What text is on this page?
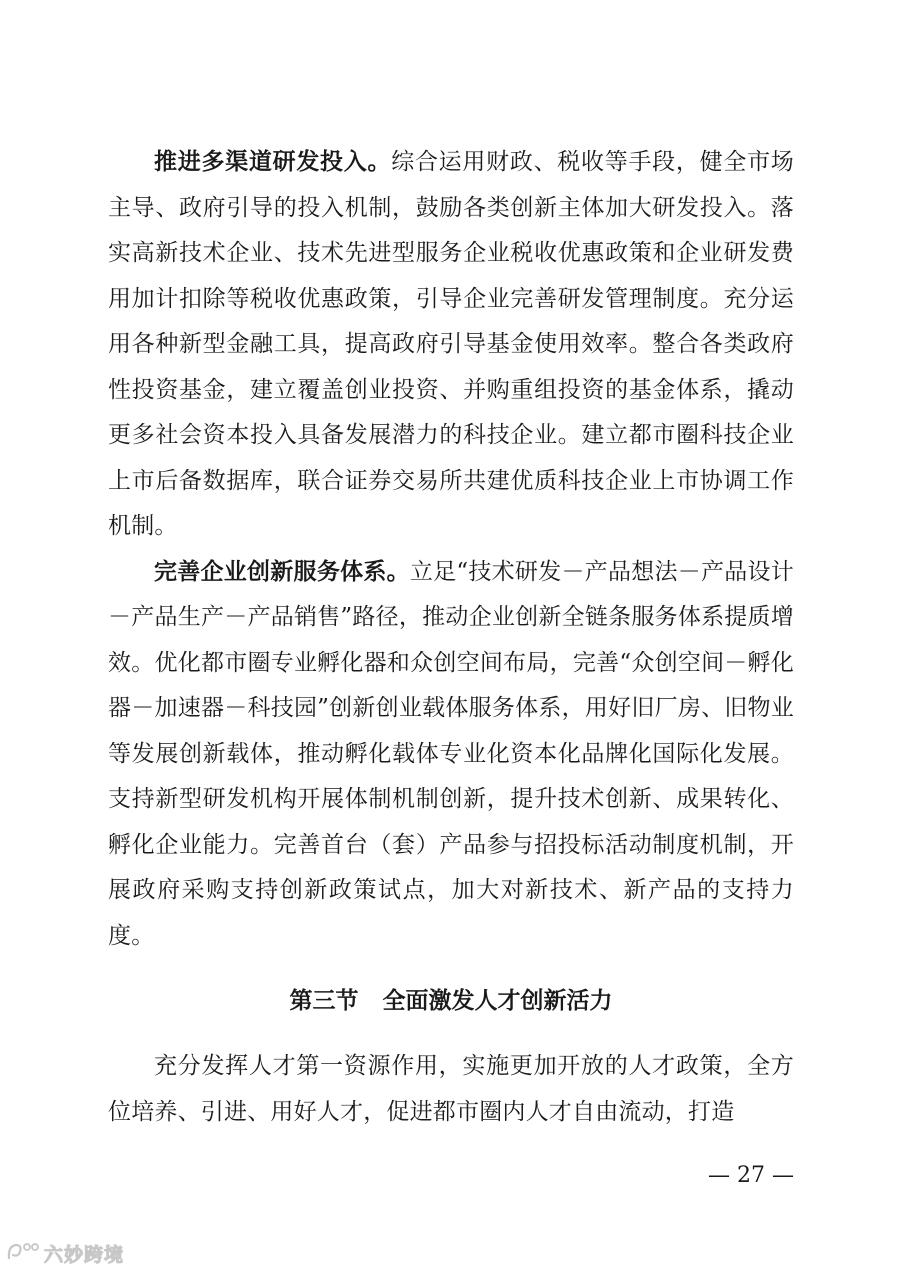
推进多渠道研发投入。综合运用财政、税收等手段，健全市场主导、政府引导的投入机制，鼓励各类创新主体加大研发投入。落实高新技术企业、技术先进型服务企业税收优惠政策和企业研发费用加计扣除等税收优惠政策，引导企业完善研发管理制度。充分运用各种新型金融工具，提高政府引导基金使用效率。整合各类政府性投资基金，建立覆盖创业投资、并购重组投资的基金体系，撬动更多社会资本投入具备发展潜力的科技企业。建立都市圈科技企业上市后备数据库，联合证券交易所共建优质科技企业上市协调工作机制。

完善企业创新服务体系。立足“技术研发－产品想法－产品设计－产品生产－产品销售”路径，推动企业创新全链条服务体系提质增效。优化都市圈专业孵化器和众创空间布局，完善“众创空间－孵化器－加速器－科技园”创新创业载体服务体系，用好旧厂房、旧物业等发展创新载体，推动孵化载体专业化资本化品牌化国际化发展。支持新型研发机构开展体制机制创新，提升技术创新、成果转化、孵化企业能力。完善首台（套）产品参与招投标活动制度机制，开展政府采购支持创新政策试点，加大对新技术、新产品的支持力度。

第三节 全面激发人才创新活力

充分发挥人才第一资源作用，实施更加开放的人才政策，全方位培养、引进、用好人才，促进都市圈内人才自由流动，打造

— 27 —
六妙跨境
